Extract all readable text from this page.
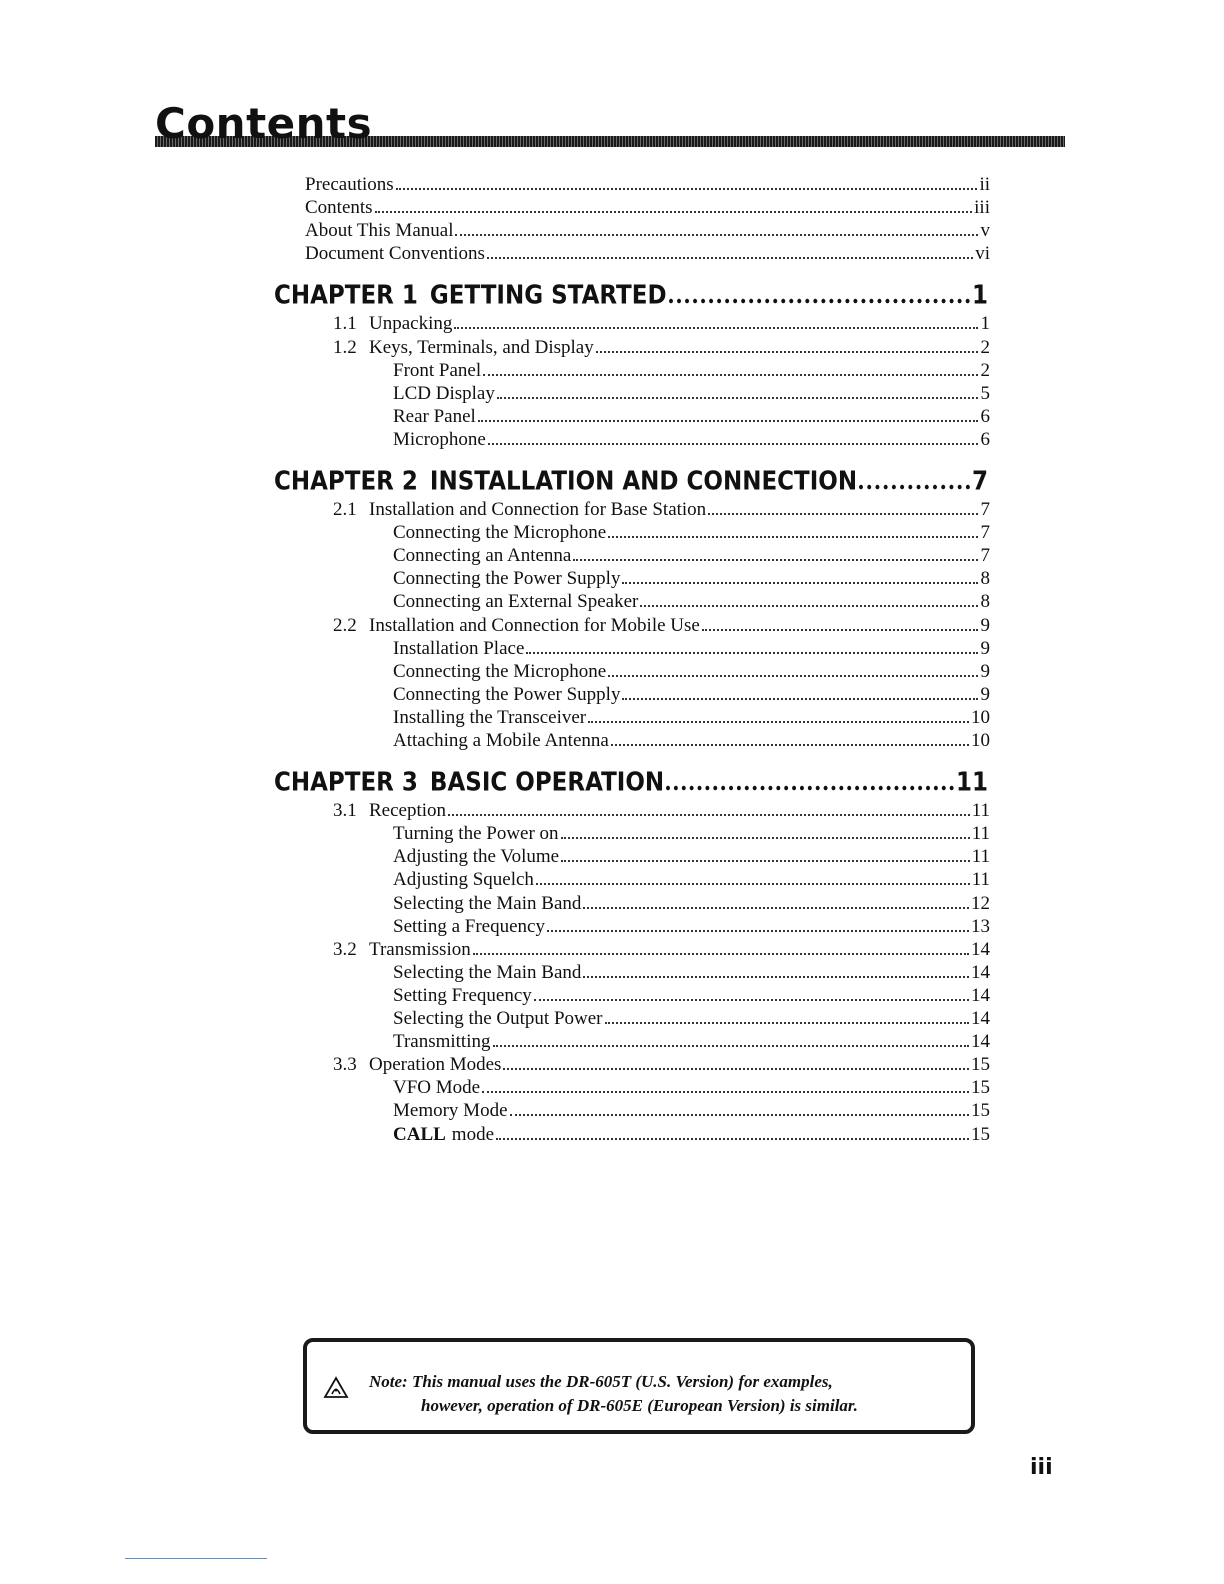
Contents
Precautions	ii
Contents	iii
About This Manual	v
Document Conventions	vi
CHAPTER 1 GETTING STARTED	1
1.1 Unpacking	1
1.2 Keys, Terminals, and Display	2
Front Panel	2
LCD Display	5
Rear Panel	6
Microphone	6
CHAPTER 2 INSTALLATION AND CONNECTION	7
2.1 Installation and Connection for Base Station	7
Connecting the Microphone	7
Connecting an Antenna	7
Connecting the Power Supply	8
Connecting an External Speaker	8
2.2 Installation and Connection for Mobile Use	9
Installation Place	9
Connecting the Microphone	9
Connecting the Power Supply	9
Installing the Transceiver	10
Attaching a Mobile Antenna	10
CHAPTER 3 BASIC OPERATION	11
3.1 Reception	11
Turning the Power on	11
Adjusting the Volume	11
Adjusting Squelch	11
Selecting the Main Band	12
Setting a Frequency	13
3.2 Transmission	14
Selecting the Main Band	14
Setting Frequency	14
Selecting the Output Power	14
Transmitting	14
3.3 Operation Modes	15
VFO Mode	15
Memory Mode	15
CALL mode	15
Note: This manual uses the DR-605T (U.S. Version) for examples,
however, operation of DR-605E (European Version) is similar.
iii
